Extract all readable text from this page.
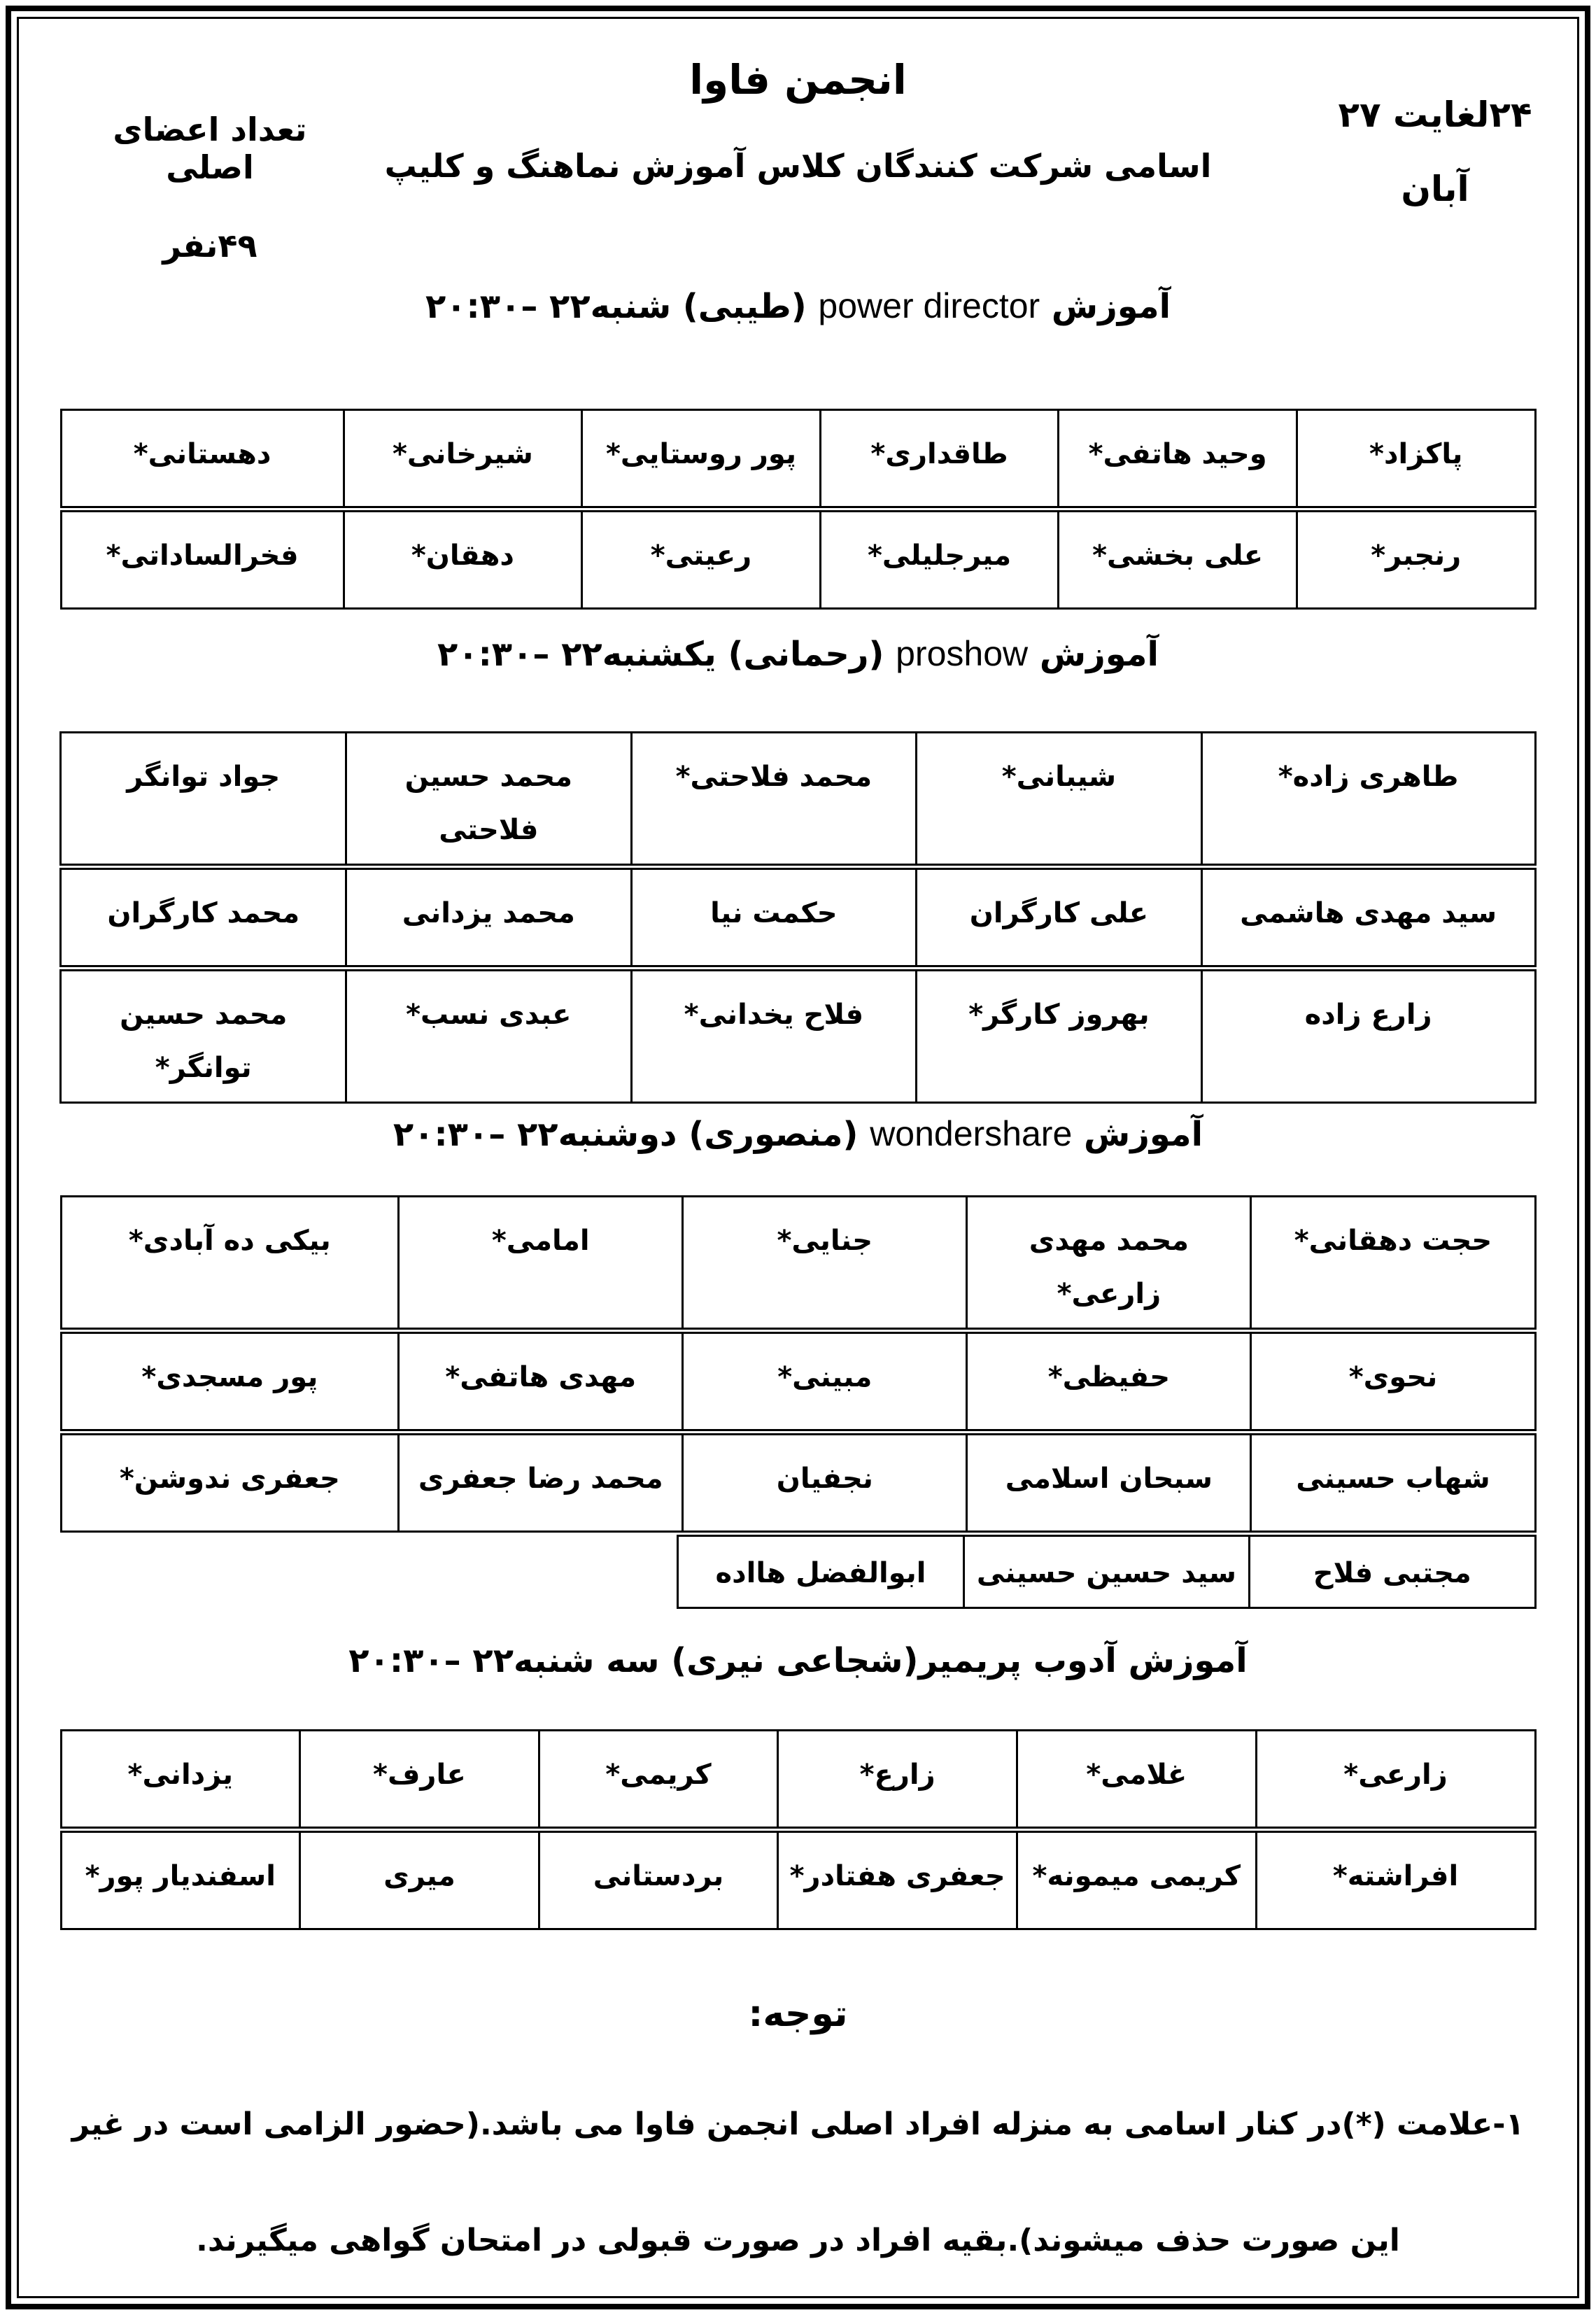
۲۴لغایت ۲۷
آبان
انجمن فاوا
اسامی شرکت کنندگان کلاس آموزش نماهنگ و کلیپ
تعداد اعضای اصلی
۴۹نفر
آموزش power director (طیبی) شنبه۲۲ –۲۰:۳۰
پاکزاد*
وحید هاتفی*
طاقداری*
پور روستایی*
شیرخانی*
دهستانی*
رنجبر*
علی بخشی*
میرجلیلی*
رعیتی*
دهقان*
فخرالساداتی*
آموزش proshow (رحمانی) یکشنبه۲۲ –۲۰:۳۰
طاهری زاده*
شیبانی*
محمد فلاحتی*
محمد حسین فلاحتی
جواد توانگر
سید مهدی هاشمی
علی کارگران
حکمت نیا
محمد یزدانی
محمد کارگران
زارع زاده
بهروز کارگر*
فلاح یخدانی*
عبدی نسب*
محمد حسین توانگر*
آموزش wondershare (منصوری) دوشنبه۲۲ –۲۰:۳۰
حجت دهقانی*
محمد مهدی زارعی*
جنایی*
امامی*
بیکی ده آبادی*
نحوی*
حفیظی*
مبینی*
مهدی هاتفی*
پور مسجدی*
شهاب حسینی
سبحان اسلامی
نجفیان
محمد رضا جعفری
جعفری ندوشن*
مجتبی فلاح
سید حسین حسینی
ابوالفضل هااده
آموزش آدوب پریمیر(شجاعی نیری) سه شنبه۲۲ –۲۰:۳۰
زارعی*
غلامی*
زارع*
کریمی*
عارف*
یزدانی*
افراشته*
کریمی میمونه*
جعفری هفتادر*
بردستانی
میری
اسفندیار پور*
توجه:
۱-علامت (*)در کنار اسامی به منزله افراد اصلی انجمن فاوا می باشد.(حضور الزامی است در غیر
این صورت حذف میشوند).بقیه افراد در صورت قبولی در امتحان گواهی میگیرند.
